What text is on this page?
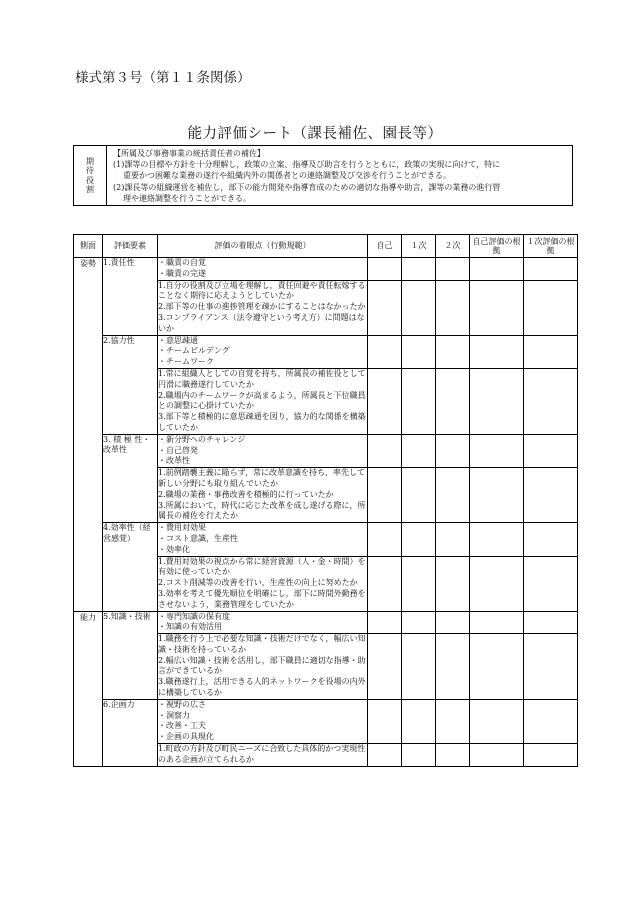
様式第３号（第１１条関係）
能力評価シート（課長補佐、園長等）
期
待
役
割
【所属及び事務事業の統括責任者の補佐】
(1)課等の目標や方針を十分理解し，政策の立案、指導及び助言を行うとともに，政策の実現に向けて，特に
重要かつ困難な業務の遂行や組織内外の関係者との連絡調整及び交渉を行うことができる。
(2)課長等の組織運営を補佐し，部下の能力開発や指導育成のための適切な指導や助言，課等の業務の進行管
理や連絡調整を行うことができる。
側面	評価要素	評価の着眼点（行動規範）	自己	１次	２次	自己評価の根拠	１次評価の根拠
姿勢	1.責任性	・職責の自覚
・職責の完遂					

		1.自分の役割及び立場を理解し，責任回避や責任転嫁することなく期待に応えようとしていたか
2.部下等の仕事の進捗管理を疎かにすることはなかったか
3.コンプライアンス（法令遵守という考え方）に問題はないか					

	2.協力性	・意思疎通
・チームビルデング
・チームワーク					

		1.常に組織人としての自覚を持ち，所属長の補佐役として円滑に職務遂行していたか
2.職場内のチームワークが高まるよう，所属長と下位職員との調整に心掛けていたか
3.部下等と積極的に意思疎通を図り，協力的な関係を構築していたか					

	3. 積 極 性・改革性	・新分野へのチャレンジ
・自己啓発
・改革性					

		1.前例踏襲主義に陥らず，常に改革意識を持ち，率先して新しい分野にも取り組んでいたか
2.職場の業務・事務改善を積極的に行っていたか
3.所属において，時代に応じた改革を成し遂げる際に，所属長の補佐を行えたか					

	4.効率性（経営感覚）	・費用対効果
・コスト意識，生産性
・効率化					

		1.費用対効果の視点から常に経営資源（人・金・時間）を有効に使っていたか
2.コスト削減等の改善を行い，生産性の向上に努めたか
3.効率を考えて優先順位を明確にし，部下に時間外勤務をさせないよう，業務管理をしていたか					

能力	5.知識・技術	・専門知識の保有度
・知識の有効活用					

		1.職務を行う上で必要な知識・技術だけでなく，幅広い知識・技術を持っているか
2.幅広い知識・技術を活用し，部下職員に適切な指導・助言ができているか
3.職務遂行上，活用できる人的ネットワークを役場の内外に構築しているか					

	6.企画力	・視野の広さ
・洞察力
・改善・工夫
・企画の具現化					

		1.町政の方針及び町民ニーズに合致した具体的かつ実現性のある企画が立てられるか					
